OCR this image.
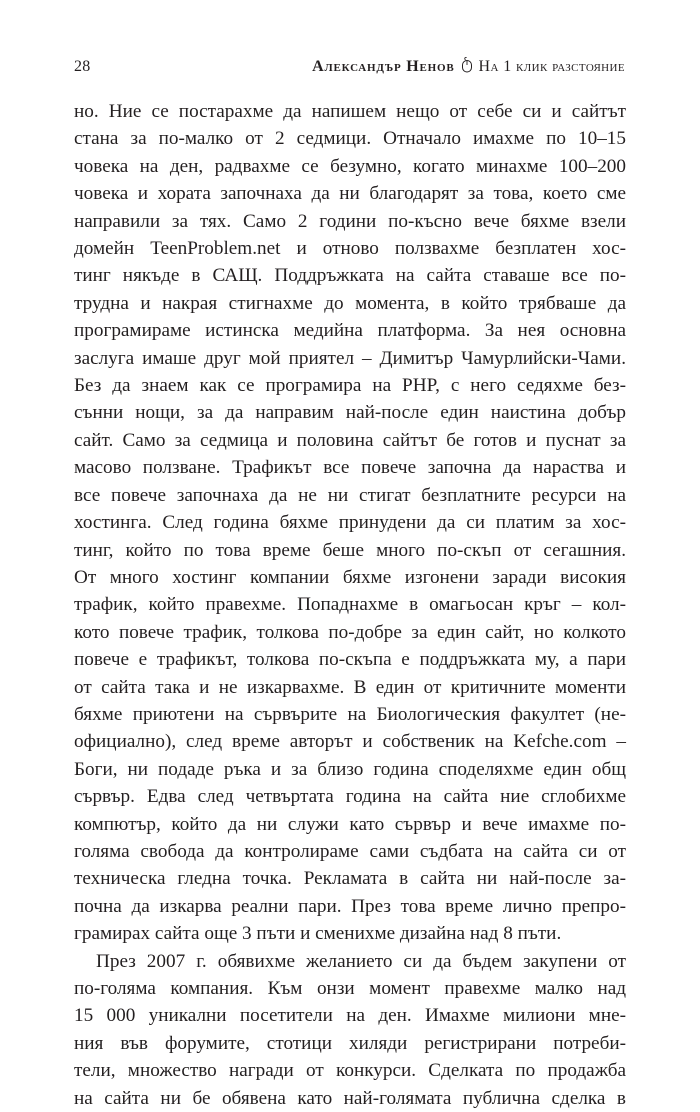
28	Александър Ненов На 1 клик разстояние

но. Ние се постарахме да напишем нещо от себе си и сайтът

стана за по-малко от 2 седмици. Отначало имахме по 10–15

човека на ден, радвахме се безумно, когато минахме 100–200

човека и хората започнаха да ни благодарят за това, което сме

направили за тях. Само 2 години по-късно вече бяхме взели

домейн TeenProblem.net и отново ползвахме безплатен хос-

тинг някъде в САЩ. Поддръжката на сайта ставаше все по-

трудна и накрая стигнахме до момента, в който трябваше да

програмираме истинска медийна платформа. За нея основна

заслуга имаше друг мой приятел – Димитър Чамурлийски-Чами.

Без да знаем как се програмира на PHP, с него седяхме без-

сънни нощи, за да направим най-после един наистина добър

сайт. Само за седмица и половина сайтът бе готов и пуснат за

масово ползване. Трафикът все повече започна да нараства и

все повече започнаха да не ни стигат безплатните ресурси на

хостинга. След година бяхме принудени да си платим за хос-

тинг, който по това време беше много по-скъп от сегашния.

От много хостинг компании бяхме изгонени заради високия

трафик, който правехме. Попаднахме в омагьосан кръг – кол-

кото повече трафик, толкова по-добре за един сайт, но колкото

повече е трафикът, толкова по-скъпа е поддръжката му, а пари

от сайта така и не изкарвахме. В един от критичните моменти

бяхме приютени на сървърите на Биологическия факултет (не-

официално), след време авторът и собственик на Kefche.com –

Боги, ни подаде ръка и за близо година споделяхме един общ

сървър. Едва след четвъртата година на сайта ние сглобихме

компютър, който да ни служи като сървър и вече имахме по-

голяма свобода да контролираме сами съдбата на сайта си от

техническа гледна точка. Рекламата в сайта ни най-после за-

почна да изкарва реални пари. През това време лично препро-

грамирах сайта още 3 пъти и сменихме дизайна над 8 пъти.

През 2007 г. обявихме желанието си да бъдем закупени от

по-голяма компания. Към онзи момент правехме малко над

15 000 уникални посетители на ден. Имахме милиони мне-

ния във форумите, стотици хиляди регистрирани потреби-

тели, множество награди от конкурси. Сделката по продажба

на сайта ни бе обявена като най-голямата публична сделка в
